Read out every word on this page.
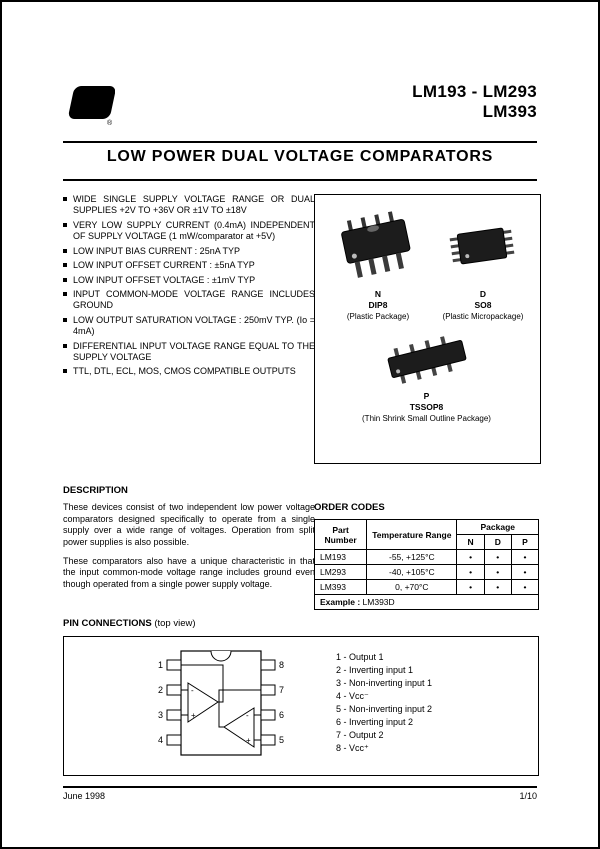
ST
®
LM193 - LM293
LM393
LOW POWER DUAL VOLTAGE COMPARATORS
WIDE SINGLE SUPPLY VOLTAGE RANGE OR DUAL SUPPLIES +2V TO +36V OR ±1V TO ±18V
VERY LOW SUPPLY CURRENT (0.4mA) INDEPENDENT OF SUPPLY VOLTAGE (1 mW/comparator at +5V)
LOW INPUT BIAS CURRENT : 25nA TYP
LOW INPUT OFFSET CURRENT : ±5nA TYP
LOW INPUT OFFSET VOLTAGE : ±1mV TYP
INPUT COMMON-MODE VOLTAGE RANGE INCLUDES GROUND
LOW OUTPUT SATURATION VOLTAGE : 250mV TYP. (Io = 4mA)
DIFFERENTIAL INPUT VOLTAGE RANGE EQUAL TO THE SUPPLY VOLTAGE
TTL, DTL, ECL, MOS, CMOS COMPATIBLE OUTPUTS
N
DIP8
(Plastic Package)
D
SO8
(Plastic Micropackage)
P
TSSOP8
(Thin Shrink Small Outline Package)
DESCRIPTION

These devices consist of two independent low power voltage comparators designed specifically to operate from a single supply over a wide range of voltages. Operation from split power supplies is also possible.

These comparators also have a unique characteristic in that the input common-mode voltage range includes ground even though operated from a single power supply voltage.

ORDER CODES
Part Number	Temperature Range	Package		
		N	D	P
LM193	-55, +125°C	•	•	•
LM293	-40, +105°C	•	•	•
LM393	0, +70°C	•	•	•
Example : LM393D				
PIN CONNECTIONS (top view)
-
+	-
+
1
2
3
4
8
7
6
5
1 - Output 1
2 - Inverting input 1
3 - Non-inverting input 1
4 - Vcc⁻
5 - Non-inverting input 2
6 - Inverting input 2
7 - Output 2
8 - Vcc⁺
June 1998	1/10
